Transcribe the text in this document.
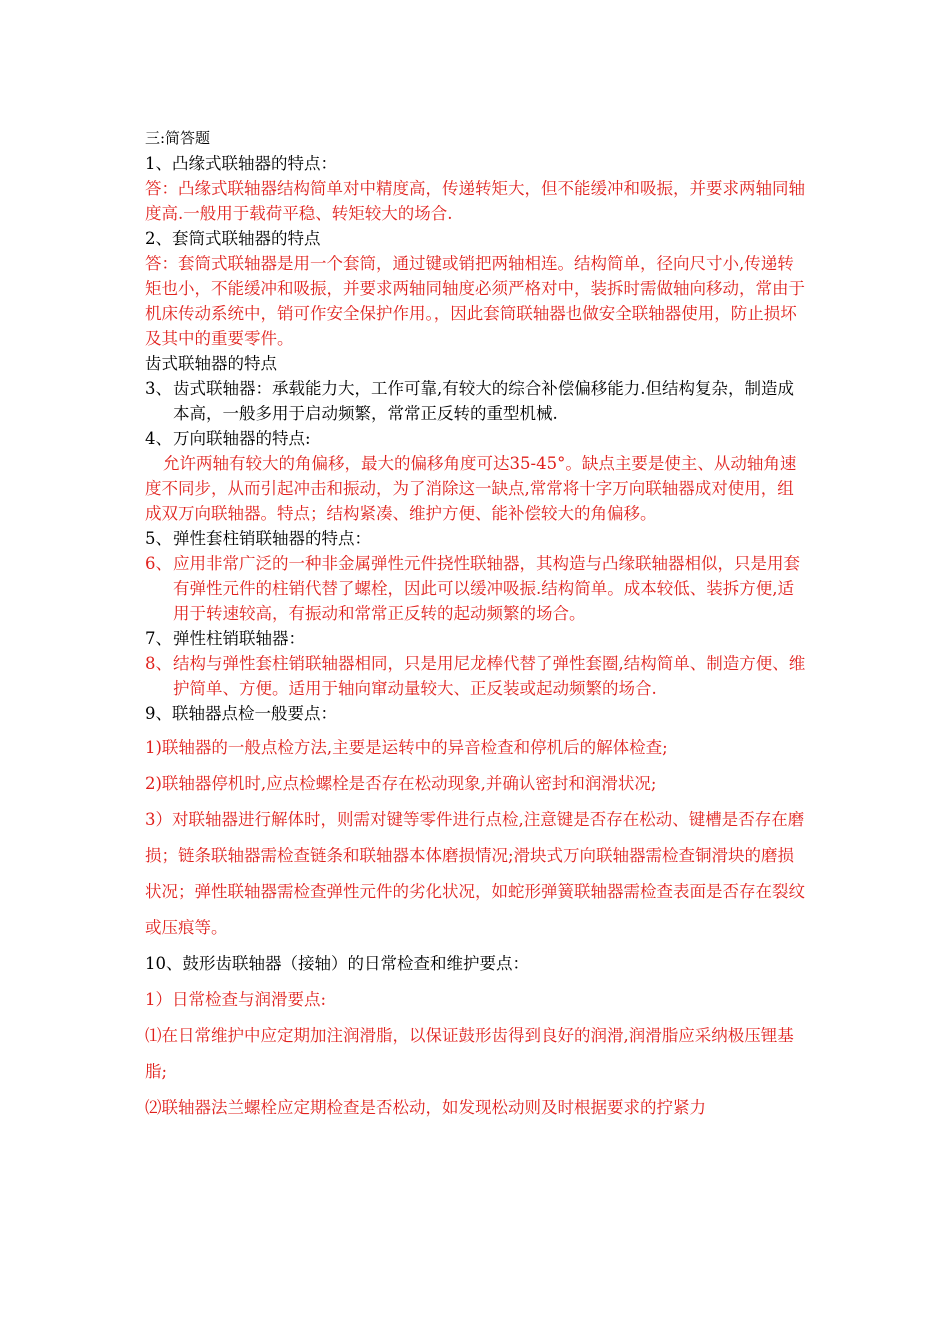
三:简答题

1、凸缘式联轴器的特点：

答：凸缘式联轴器结构简单对中精度高，传递转矩大，但不能缓冲和吸振，并要求两轴同轴度高.一般用于载荷平稳、转矩较大的场合.

2、套筒式联轴器的特点

答：套筒式联轴器是用一个套筒，通过键或销把两轴相连。结构简单，径向尺寸小,传递转矩也小，不能缓冲和吸振，并要求两轴同轴度必须严格对中，装拆时需做轴向移动，常由于机床传动系统中，销可作安全保护作用。，因此套筒联轴器也做安全联轴器使用，防止损坏及其中的重要零件。

齿式联轴器的特点

3、齿式联轴器：承载能力大，工作可靠,有较大的综合补偿偏移能力.但结构复杂，制造成本高，一般多用于启动频繁，常常正反转的重型机械.

4、万向联轴器的特点:

允许两轴有较大的角偏移，最大的偏移角度可达35-45°。缺点主要是使主、从动轴角速度不同步，从而引起冲击和振动，为了消除这一缺点,常常将十字万向联轴器成对使用，组成双万向联轴器。特点；结构紧凑、维护方便、能补偿较大的角偏移。

5、弹性套柱销联轴器的特点：

6、应用非常广泛的一种非金属弹性元件挠性联轴器，其构造与凸缘联轴器相似，只是用套有弹性元件的柱销代替了螺栓，因此可以缓冲吸振.结构简单。成本较低、装拆方便,适用于转速较高，有振动和常常正反转的起动频繁的场合。

7、弹性柱销联轴器：

8、结构与弹性套柱销联轴器相同，只是用尼龙棒代替了弹性套圈,结构简单、制造方便、维护简单、方便。适用于轴向窜动量较大、正反装或起动频繁的场合.

9、联轴器点检一般要点：

1)联轴器的一般点检方法,主要是运转中的异音检查和停机后的解体检查;

2)联轴器停机时,应点检螺栓是否存在松动现象,并确认密封和润滑状况;

3）对联轴器进行解体时，则需对键等零件进行点检,注意键是否存在松动、键槽是否存在磨损；链条联轴器需检查链条和联轴器本体磨损情况;滑块式万向联轴器需检查铜滑块的磨损状况；弹性联轴器需检查弹性元件的劣化状况，如蛇形弹簧联轴器需检查表面是否存在裂纹或压痕等。

10、鼓形齿联轴器（接轴）的日常检查和维护要点：

1）日常检查与润滑要点:

⑴在日常维护中应定期加注润滑脂，以保证鼓形齿得到良好的润滑,润滑脂应采纳极压锂基脂;

⑵联轴器法兰螺栓应定期检查是否松动，如发现松动则及时根据要求的拧紧力
